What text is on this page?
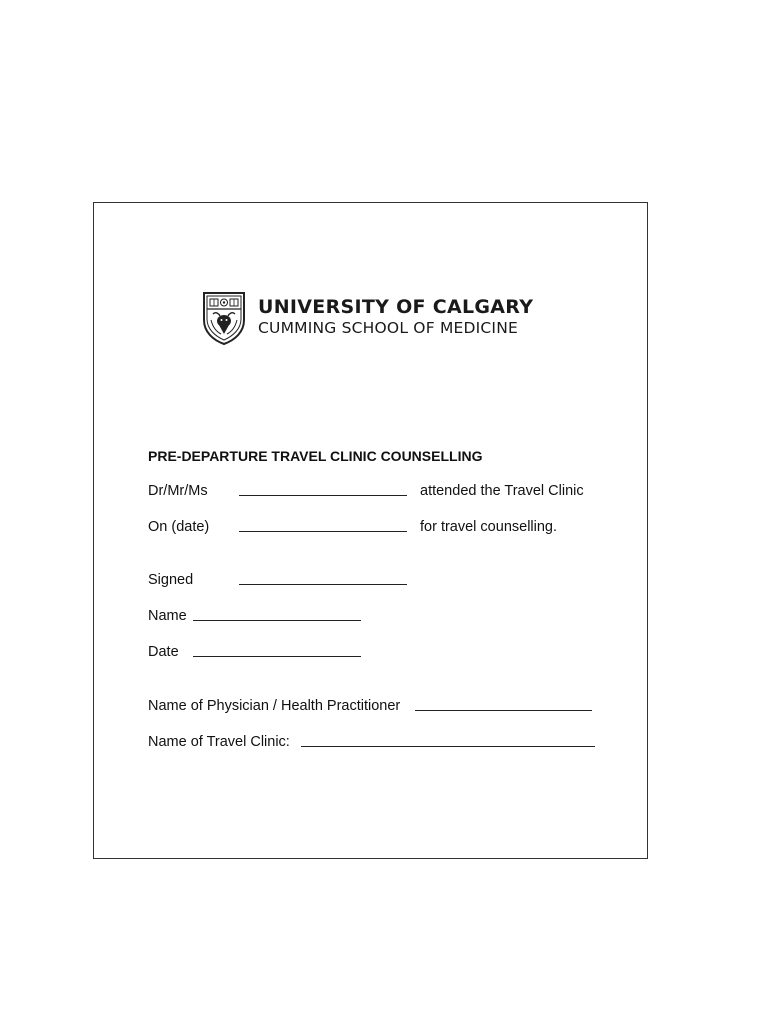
UNIVERSITY OF CALGARY
CUMMING SCHOOL OF MEDICINE
PRE-DEPARTURE TRAVEL CLINIC COUNSELLING
Dr/Mr/Ms	attended the Travel Clinic
On (date)	for travel counselling.
Signed
Name
Date
Name of Physician / Health Practitioner
Name of Travel Clinic:
